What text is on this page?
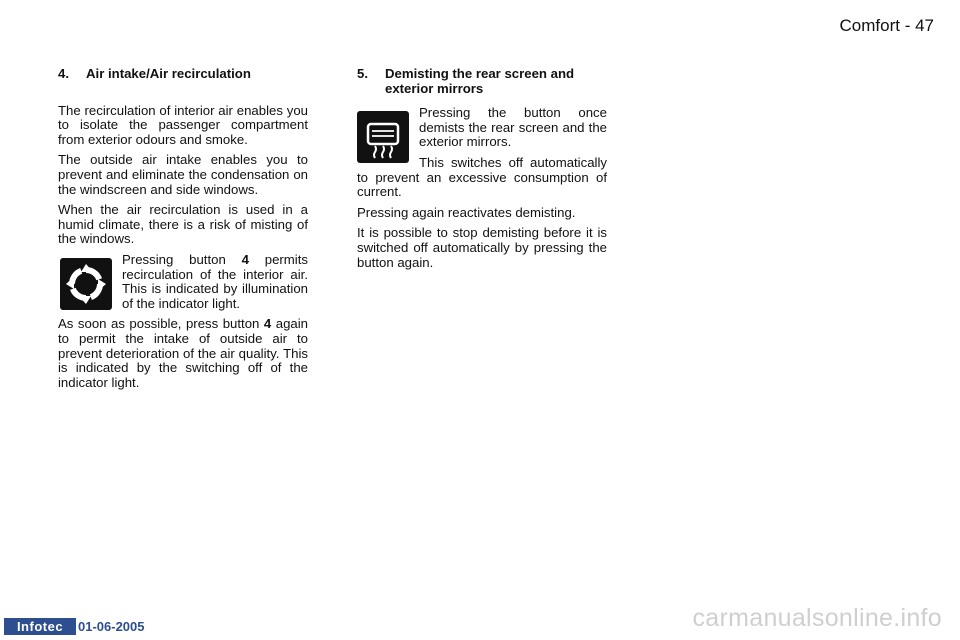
Comfort - 47
4.	Air intake/Air recirculation

The recirculation of interior air enables you to isolate the passenger compartment from exterior odours and smoke.

The outside air intake enables you to prevent and eliminate the condensation on the windscreen and side windows.

When the air recirculation is used in a humid climate, there is a risk of misting of the windows.

Pressing button 4 permits recirculation of the interior air. This is indicated by illumination of the indicator light.

As soon as possible, press button 4 again to permit the intake of outside air to prevent deterioration of the air quality. This is indicated by the switching off of the indicator light.

5.	Demisting the rear screen and exterior mirrors

Pressing the button once demists the rear screen and the exterior mirrors.

This switches off automatically to prevent an excessive consumption of current.

Pressing again reactivates demisting.

It is possible to stop demisting before it is switched off automatically by pressing the button again.

Infotec	01-06-2005	carmanualsonline.info
